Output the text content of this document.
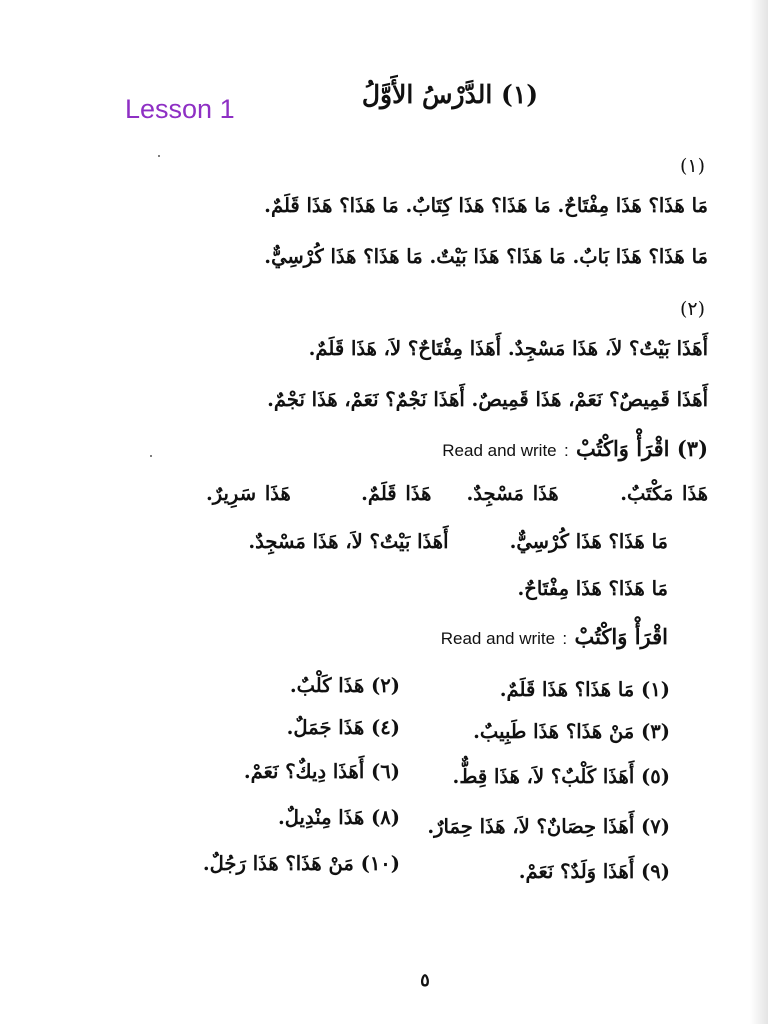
Lesson 1	(١) الدَّرْسُ الأَوَّلُ
(١)
مَا هَذَا؟ هَذَا مِفْتَاحٌ. مَا هَذَا؟ هَذَا كِتَابٌ. مَا هَذَا؟ هَذَا قَلَمٌ.
مَا هَذَا؟ هَذَا بَابٌ. مَا هَذَا؟ هَذَا بَيْتٌ. مَا هَذَا؟ هَذَا كُرْسِيٌّ.
(٢)
أَهَذَا بَيْتٌ؟ لاَ، هَذَا مَسْجِدٌ. أَهَذَا مِفْتَاحٌ؟ لاَ، هَذَا قَلَمٌ.
أَهَذَا قَمِيصٌ؟ نَعَمْ، هَذَا قَمِيصٌ. أَهَذَا نَجْمٌ؟ نَعَمْ، هَذَا نَجْمٌ.
(٣) اقْرَأْ وَاكْتُبْ : Read and write
هَذَا مَكْتَبٌ.       هَذَا مَسْجِدٌ.    هَذَا قَلَمٌ.        هَذَا سَرِيرٌ.
مَا هَذَا؟ هَذَا كُرْسِيٌّ.         أَهَذَا بَيْتٌ؟ لاَ، هَذَا مَسْجِدٌ.
مَا هَذَا؟ هَذَا مِفْتَاحٌ.
اقْرَأْ وَاكْتُبْ : Read and write
(١) مَا هَذَا؟ هَذَا قَلَمٌ.
(٣) مَنْ هَذَا؟ هَذَا طَبِيبٌ.
(٥) أَهَذَا كَلْبٌ؟ لاَ، هَذَا قِطٌّ.
(٧) أَهَذَا حِصَانٌ؟ لاَ، هَذَا حِمَارٌ.
(٩) أَهَذَا وَلَدٌ؟ نَعَمْ.
(٢) هَذَا كَلْبٌ.
(٤) هَذَا جَمَلٌ.
(٦) أَهَذَا دِيكٌ؟ نَعَمْ.
(٨) هَذَا مِنْدِيلٌ.
(١٠) مَنْ هَذَا؟ هَذَا رَجُلٌ.
٥
